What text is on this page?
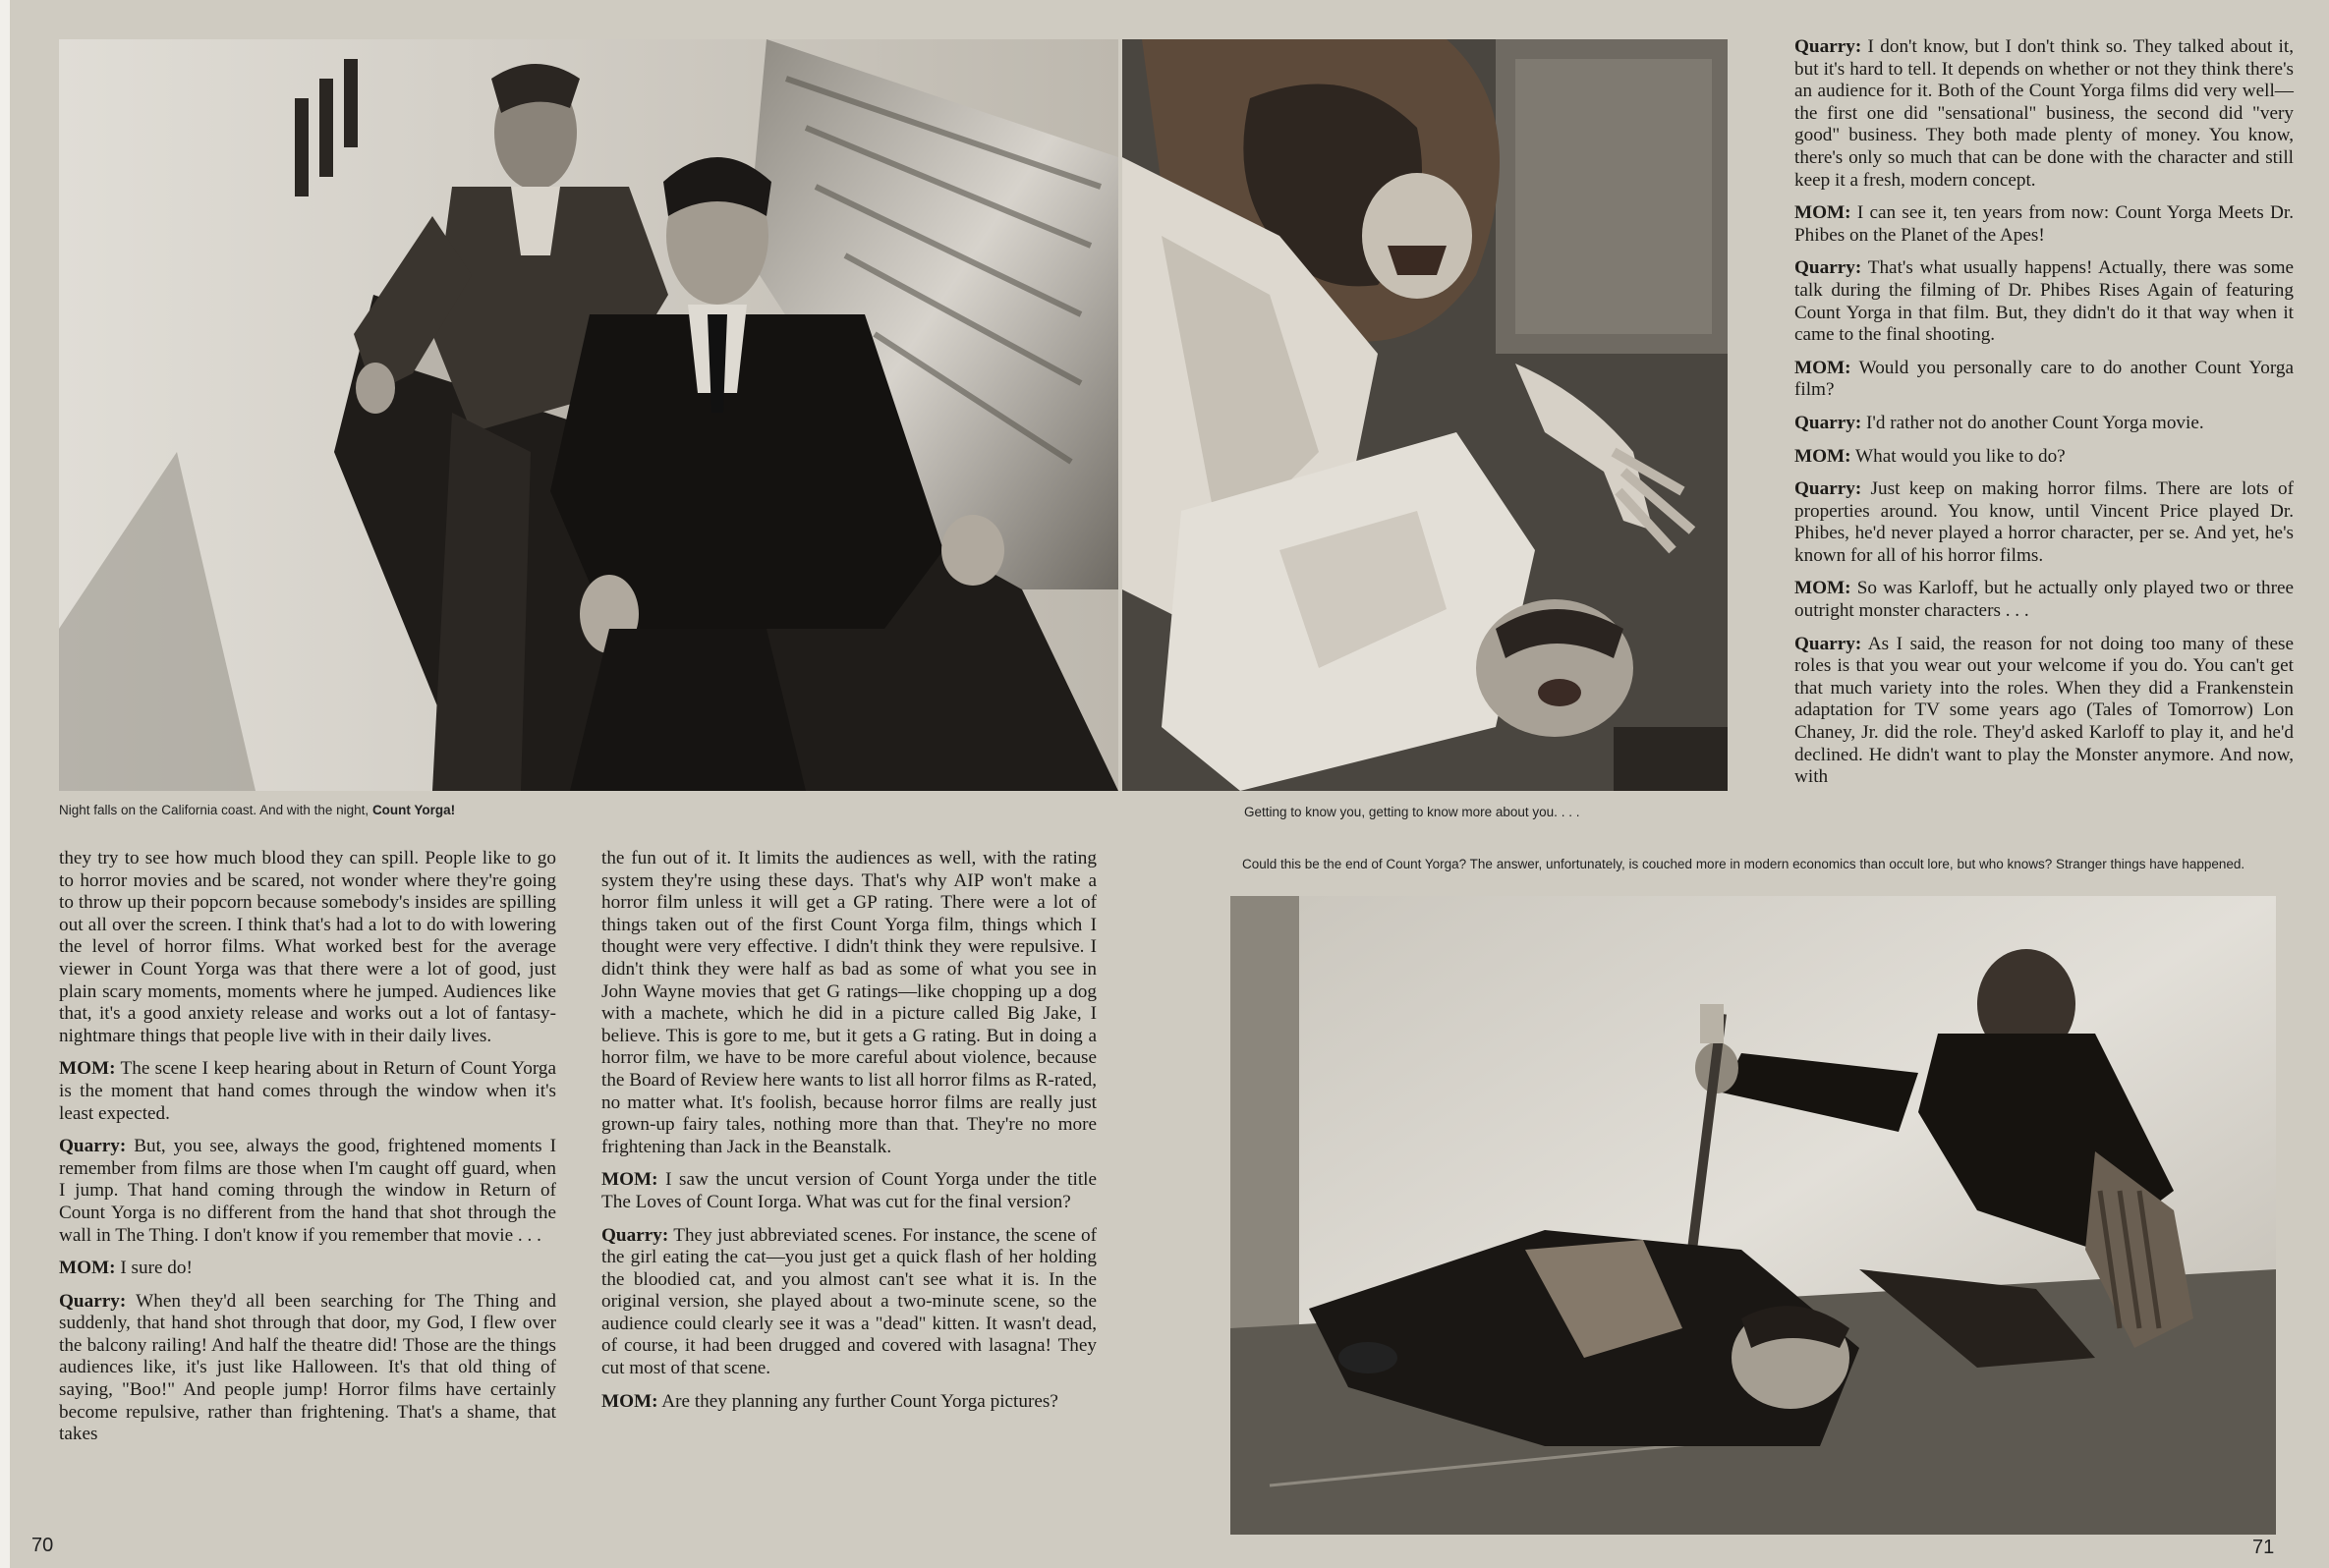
Night falls on the California coast. And with the night, Count Yorga!	Getting to know you, getting to know more about you. . . .
Could this be the end of Count Yorga? The answer, unfortunately, is couched more in modern economics than occult lore, but who knows? Stranger things have happened.

they try to see how much blood they can spill. People like to go to horror movies and be scared, not wonder where they're going to throw up their popcorn because somebody's insides are spilling out all over the screen. I think that's had a lot to do with lowering the level of horror films. What worked best for the average viewer in Count Yorga was that there were a lot of good, just plain scary moments, moments where he jumped. Audiences like that, it's a good anxiety release and works out a lot of fantasy-nightmare things that people live with in their daily lives.

MOM: The scene I keep hearing about in Return of Count Yorga is the moment that hand comes through the window when it's least expected.

Quarry: But, you see, always the good, frightened moments I remember from films are those when I'm caught off guard, when I jump. That hand coming through the window in Return of Count Yorga is no different from the hand that shot through the wall in The Thing. I don't know if you remember that movie . . .

MOM: I sure do!

Quarry: When they'd all been searching for The Thing and suddenly, that hand shot through that door, my God, I flew over the balcony railing! And half the theatre did! Those are the things audiences like, it's just like Halloween. It's that old thing of saying, "Boo!" And people jump! Horror films have certainly become repulsive, rather than frightening. That's a shame, that takes

the fun out of it. It limits the audiences as well, with the rating system they're using these days. That's why AIP won't make a horror film unless it will get a GP rating. There were a lot of things taken out of the first Count Yorga film, things which I thought were very effective. I didn't think they were repulsive. I didn't think they were half as bad as some of what you see in John Wayne movies that get G ratings—like chopping up a dog with a machete, which he did in a picture called Big Jake, I believe. This is gore to me, but it gets a G rating. But in doing a horror film, we have to be more careful about violence, because the Board of Review here wants to list all horror films as R-rated, no matter what. It's foolish, because horror films are really just grown-up fairy tales, nothing more than that. They're no more frightening than Jack in the Beanstalk.

MOM: I saw the uncut version of Count Yorga under the title The Loves of Count Iorga. What was cut for the final version?

Quarry: They just abbreviated scenes. For instance, the scene of the girl eating the cat—you just get a quick flash of her holding the bloodied cat, and you almost can't see what it is. In the original version, she played about a two-minute scene, so the audience could clearly see it was a "dead" kitten. It wasn't dead, of course, it had been drugged and covered with lasagna! They cut most of that scene.

MOM: Are they planning any further Count Yorga pictures?

Quarry: I don't know, but I don't think so. They talked about it, but it's hard to tell. It depends on whether or not they think there's an audience for it. Both of the Count Yorga films did very well—the first one did "sensational" business, the second did "very good" business. They both made plenty of money. You know, there's only so much that can be done with the character and still keep it a fresh, modern concept.

MOM: I can see it, ten years from now: Count Yorga Meets Dr. Phibes on the Planet of the Apes!

Quarry: That's what usually happens! Actually, there was some talk during the filming of Dr. Phibes Rises Again of featuring Count Yorga in that film. But, they didn't do it that way when it came to the final shooting.

MOM: Would you personally care to do another Count Yorga film?

Quarry: I'd rather not do another Count Yorga movie.

MOM: What would you like to do?

Quarry: Just keep on making horror films. There are lots of properties around. You know, until Vincent Price played Dr. Phibes, he'd never played a horror character, per se. And yet, he's known for all of his horror films.

MOM: So was Karloff, but he actually only played two or three outright monster characters . . .

Quarry: As I said, the reason for not doing too many of these roles is that you wear out your welcome if you do. You can't get that much variety into the roles. When they did a Frankenstein adaptation for TV some years ago (Tales of Tomorrow) Lon Chaney, Jr. did the role. They'd asked Karloff to play it, and he'd declined. He didn't want to play the Monster anymore. And now, with

70	71
